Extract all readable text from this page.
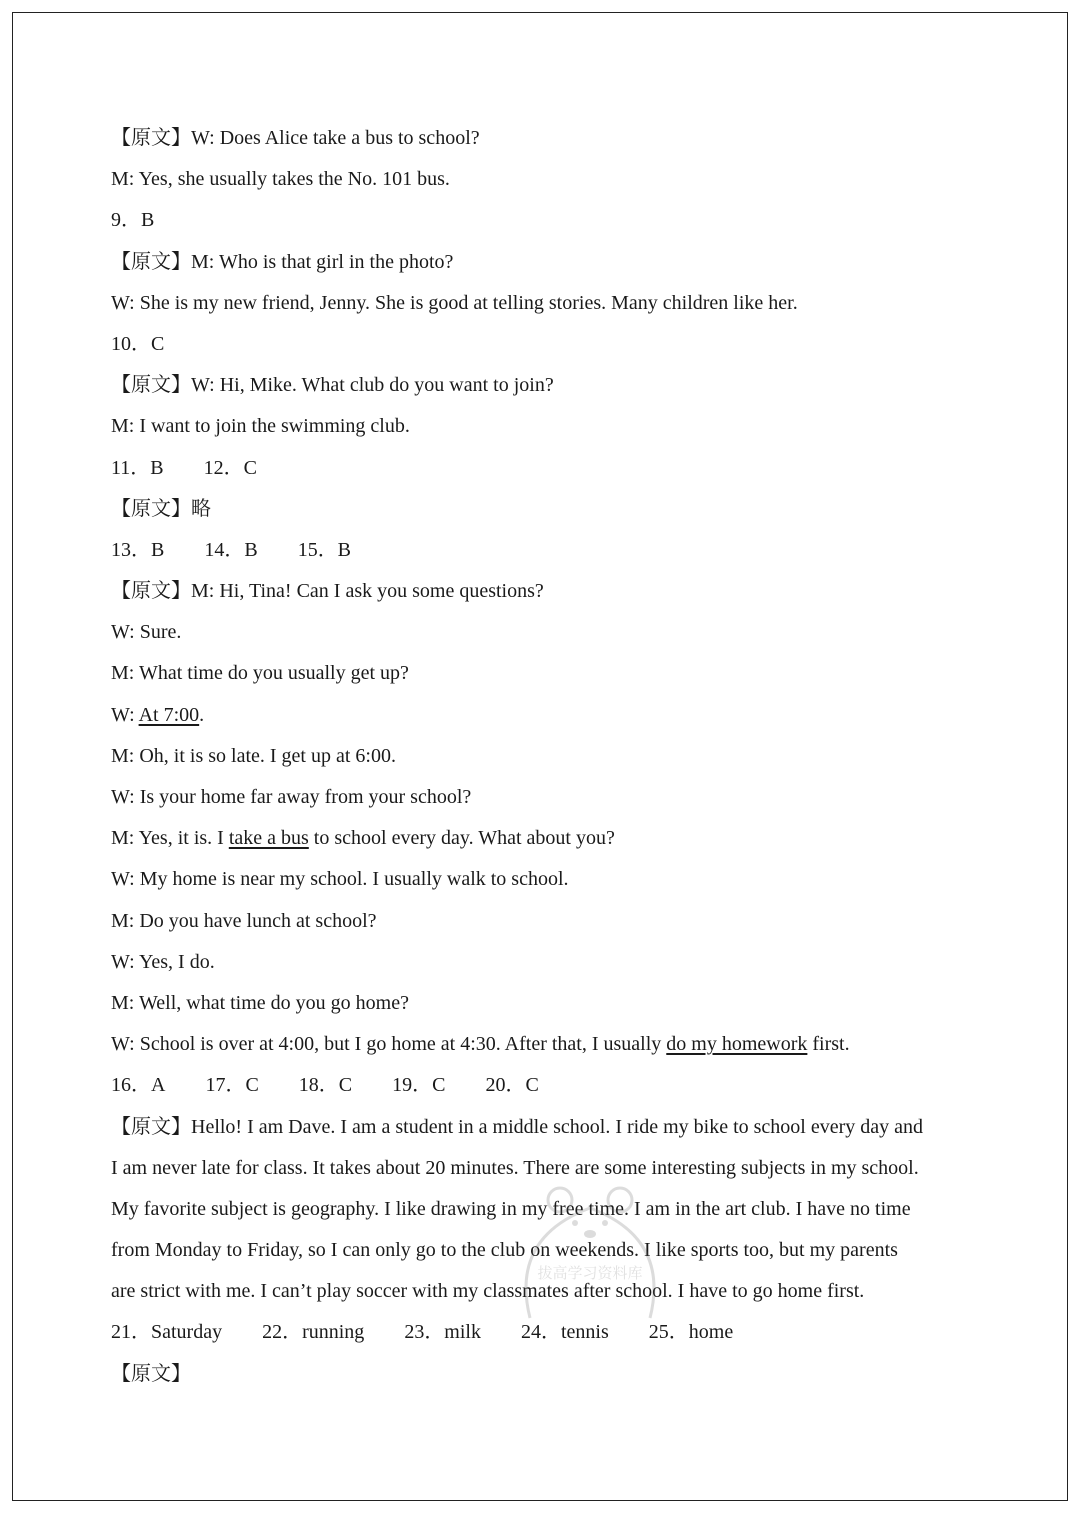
【原文】W: Does Alice take a bus to school?
M: Yes, she usually takes the No. 101 bus.
9．B
【原文】M: Who is that girl in the photo?
W: She is my new friend, Jenny. She is good at telling stories. Many children like her.
10．C
【原文】W: Hi, Mike. What club do you want to join?
M: I want to join the swimming club.
11．B 12．C
【原文】略
13．B 14．B 15．B
【原文】M: Hi, Tina! Can I ask you some questions?
W: Sure.
M: What time do you usually get up?
W: At 7:00.
M: Oh, it is so late. I get up at 6:00.
W: Is your home far away from your school?
M: Yes, it is. I take a bus to school every day. What about you?
W: My home is near my school. I usually walk to school.
M: Do you have lunch at school?
W: Yes, I do.
M: Well, what time do you go home?
W: School is over at 4:00, but I go home at 4:30. After that, I usually do my homework first.
16．A 17．C 18．C 19．C 20．C
【原文】Hello! I am Dave. I am a student in a middle school. I ride my bike to school every day and
I am never late for class. It takes about 20 minutes. There are some interesting subjects in my school.
My favorite subject is geography. I like drawing in my free time. I am in the art club. I have no time
from Monday to Friday, so I can only go to the club on weekends. I like sports too, but my parents
are strict with me. I can’t play soccer with my classmates after school. I have to go home first.
21．Saturday 22．running 23．milk 24．tennis 25．home
【原文】
拔高学习资料库
